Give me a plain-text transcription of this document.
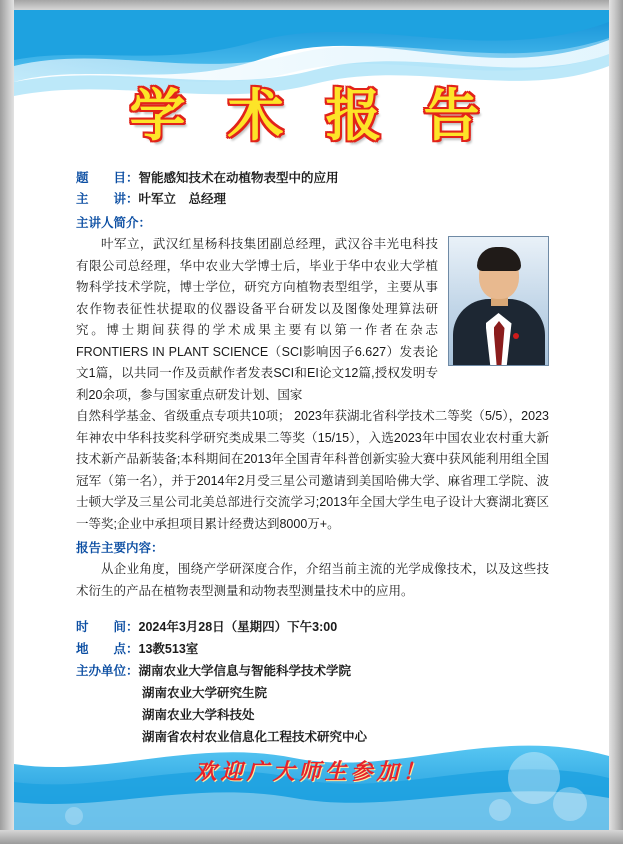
学 术 报 告
题　　目：智能感知技术在动植物表型中的应用
主　　讲：叶军立　总经理
主讲人简介：

叶军立，武汉红星杨科技集团副总经理，武汉谷丰光电科技有限公司总经理，华中农业大学博士后，毕业于华中农业大学植物科学技术学院，博士学位，研究方向植物表型组学，主要从事农作物表征性状提取的仪器设备平台研发以及图像处理算法研究。博士期间获得的学术成果主要有以第一作者在杂志FRONTIERS IN PLANT SCIENCE（SCI影响因子6.627）发表论文1篇，以共同一作及贡献作者发表SCI和EI论文12篇,授权发明专利20余项，参与国家重点研发计划、国家

自然科学基金、省级重点专项共10项； 2023年获湖北省科学技术二等奖（5/5），2023年神农中华科技奖科学研究类成果二等奖（15/15），入选2023年中国农业农村重大新技术新产品新装备;本科期间在2013年全国青年科普创新实验大赛中获风能利用组全国冠军（第一名），并于2014年2月受三星公司邀请到美国哈佛大学、麻省理工学院、波士顿大学及三星公司北美总部进行交流学习;2013年全国大学生电子设计大赛湖北赛区一等奖;企业中承担项目累计经费达到8000万+。

报告主要内容：

从企业角度，围绕产学研深度合作，介绍当前主流的光学成像技术，以及这些技术衍生的产品在植物表型测量和动物表型测量技术中的应用。

时　　间：2024年3月28日（星期四）下午3:00
地　　点：13教513室
主办单位：湖南农业大学信息与智能科学技术学院
湖南农业大学研究生院
湖南农业大学科技处
湖南省农村农业信息化工程技术研究中心
欢迎广大师生参加！
